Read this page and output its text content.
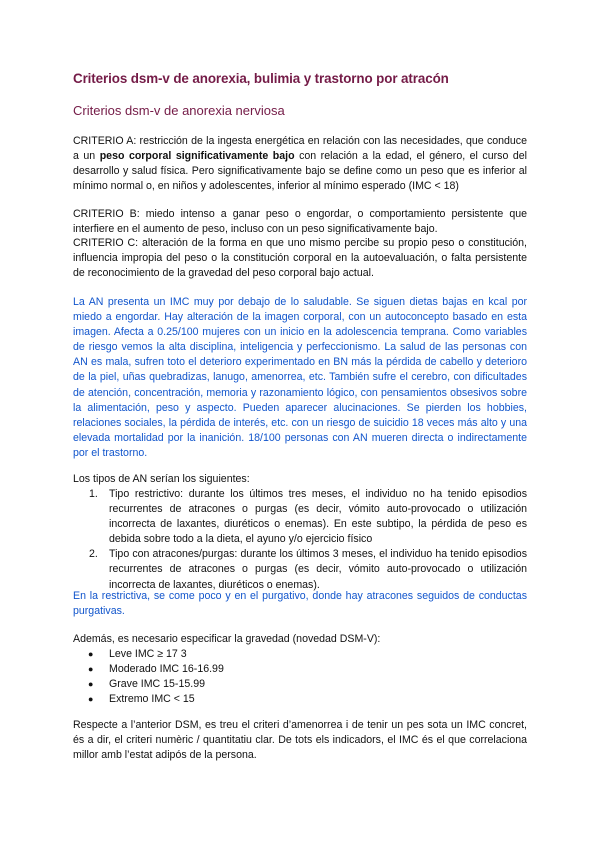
Criterios dsm-v de anorexia, bulimia y trastorno por atracón
Criterios dsm-v de anorexia nerviosa

CRITERIO A: restricción de la ingesta energética en relación con las necesidades, que conduce a un peso corporal significativamente bajo con relación a la edad, el género, el curso del desarrollo y salud física. Pero significativamente bajo se define como un peso que es inferior al mínimo normal o, en niños y adolescentes, inferior al mínimo esperado (IMC < 18)

CRITERIO B: miedo intenso a ganar peso o engordar, o comportamiento persistente que interfiere en el aumento de peso, incluso con un peso significativamente bajo.

CRITERIO C: alteración de la forma en que uno mismo percibe su propio peso o constitución, influencia impropia del peso o la constitución corporal en la autoevaluación, o falta persistente de reconocimiento de la gravedad del peso corporal bajo actual.

La AN presenta un IMC muy por debajo de lo saludable. Se siguen dietas bajas en kcal por miedo a engordar. Hay alteración de la imagen corporal, con un autoconcepto basado en esta imagen. Afecta a 0.25/100 mujeres con un inicio en la adolescencia temprana. Como variables de riesgo vemos la alta disciplina, inteligencia y perfeccionismo. La salud de las personas con AN es mala, sufren toto el deterioro experimentado en BN más la pérdida de cabello y deterioro de la piel, uñas quebradizas, lanugo, amenorrea, etc. También sufre el cerebro, con dificultades de atención, concentración, memoria y razonamiento lógico, con pensamientos obsesivos sobre la alimentación, peso y aspecto. Pueden aparecer alucinaciones. Se pierden los hobbies, relaciones sociales, la pérdida de interés, etc. con un riesgo de suicidio 18 veces más alto y una elevada mortalidad por la inanición. 18/100 personas con AN mueren directa o indirectamente por el trastorno.

Los tipos de AN serían los siguientes:

1. Tipo restrictivo: durante los últimos tres meses, el individuo no ha tenido episodios recurrentes de atracones o purgas (es decir, vómito auto-provocado o utilización incorrecta de laxantes, diuréticos o enemas). En este subtipo, la pérdida de peso es debida sobre todo a la dieta, el ayuno y/o ejercicio físico
2. Tipo con atracones/purgas: durante los últimos 3 meses, el individuo ha tenido episodios recurrentes de atracones o purgas (es decir, vómito auto-provocado o utilización incorrecta de laxantes, diuréticos o enemas).

En la restrictiva, se come poco y en el purgativo, donde hay atracones seguidos de conductas purgativas.

Además, es necesario especificar la gravedad (novedad DSM-V):

● Leve IMC ≥ 17 3
● Moderado IMC 16-16.99
● Grave IMC 15-15.99
● Extremo IMC < 15

Respecte a l’anterior DSM, es treu el criteri d’amenorrea i de tenir un pes sota un IMC concret, és a dir, el criteri numèric / quantitatiu clar. De tots els indicadors, el IMC és el que correlaciona millor amb l’estat adipós de la persona.
